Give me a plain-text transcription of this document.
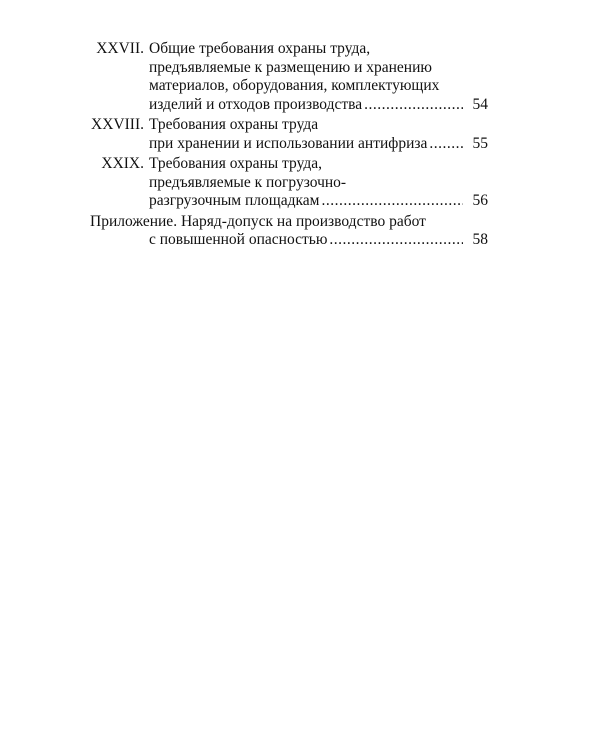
XXVII. Общие требования охраны труда,
предъявляемые к размещению и хранению
материалов, оборудования, комплектующих
изделий и отходов производства .....	54
XXVIII. Требования охраны труда
при хранении и использовании антифриза .....	55
XXIX. Требования охраны труда,
предъявляемые к погрузочно-
разгрузочным площадкам .....	56
Приложение. Наряд-допуск на производство работ
с повышенной опасностью .....	58
